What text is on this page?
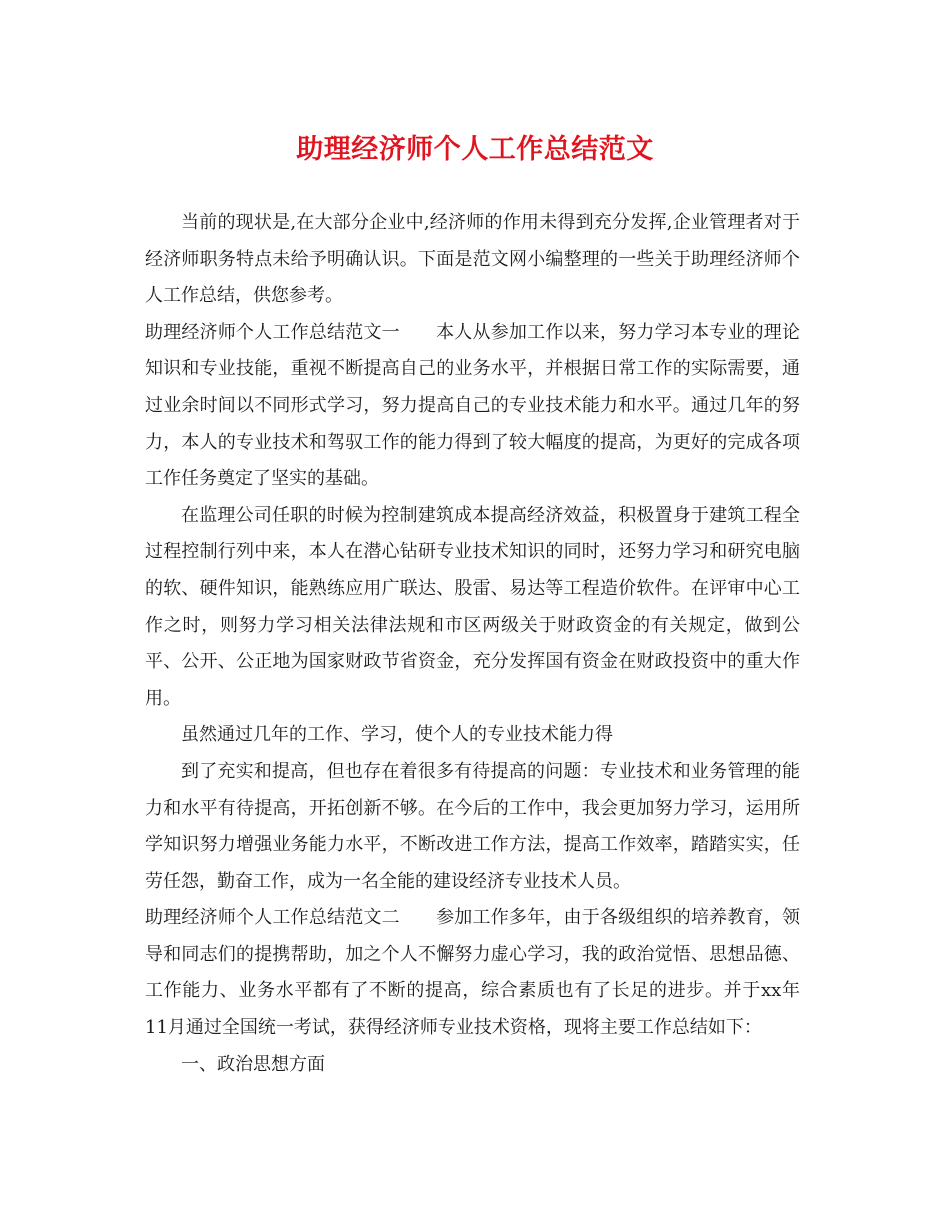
助理经济师个人工作总结范文

当前的现状是,在大部分企业中,经济师的作用未得到充分发挥,企业管理者对于经济师职务特点未给予明确认识。下面是范文网小编整理的一些关于助理经济师个人工作总结，供您参考。

助理经济师个人工作总结范文一 本人从参加工作以来，努力学习本专业的理论知识和专业技能，重视不断提高自己的业务水平，并根据日常工作的实际需要，通过业余时间以不同形式学习，努力提高自己的专业技术能力和水平。通过几年的努力，本人的专业技术和驾驭工作的能力得到了较大幅度的提高，为更好的完成各项工作任务奠定了坚实的基础。

在监理公司任职的时候为控制建筑成本提高经济效益，积极置身于建筑工程全过程控制行列中来，本人在潜心钻研专业技术知识的同时，还努力学习和研究电脑的软、硬件知识，能熟练应用广联达、股雷、易达等工程造价软件。在评审中心工作之时，则努力学习相关法律法规和市区两级关于财政资金的有关规定，做到公平、公开、公正地为国家财政节省资金，充分发挥国有资金在财政投资中的重大作用。

虽然通过几年的工作、学习，使个人的专业技术能力得

到了充实和提高，但也存在着很多有待提高的问题：专业技术和业务管理的能力和水平有待提高，开拓创新不够。在今后的工作中，我会更加努力学习，运用所学知识努力增强业务能力水平，不断改进工作方法，提高工作效率，踏踏实实，任劳任怨，勤奋工作，成为一名全能的建设经济专业技术人员。

助理经济师个人工作总结范文二 参加工作多年，由于各级组织的培养教育，领导和同志们的提携帮助，加之个人不懈努力虚心学习，我的政治觉悟、思想品德、工作能力、业务水平都有了不断的提高，综合素质也有了长足的进步。并于xx年11月通过全国统一考试，获得经济师专业技术资格，现将主要工作总结如下：

一、政治思想方面
